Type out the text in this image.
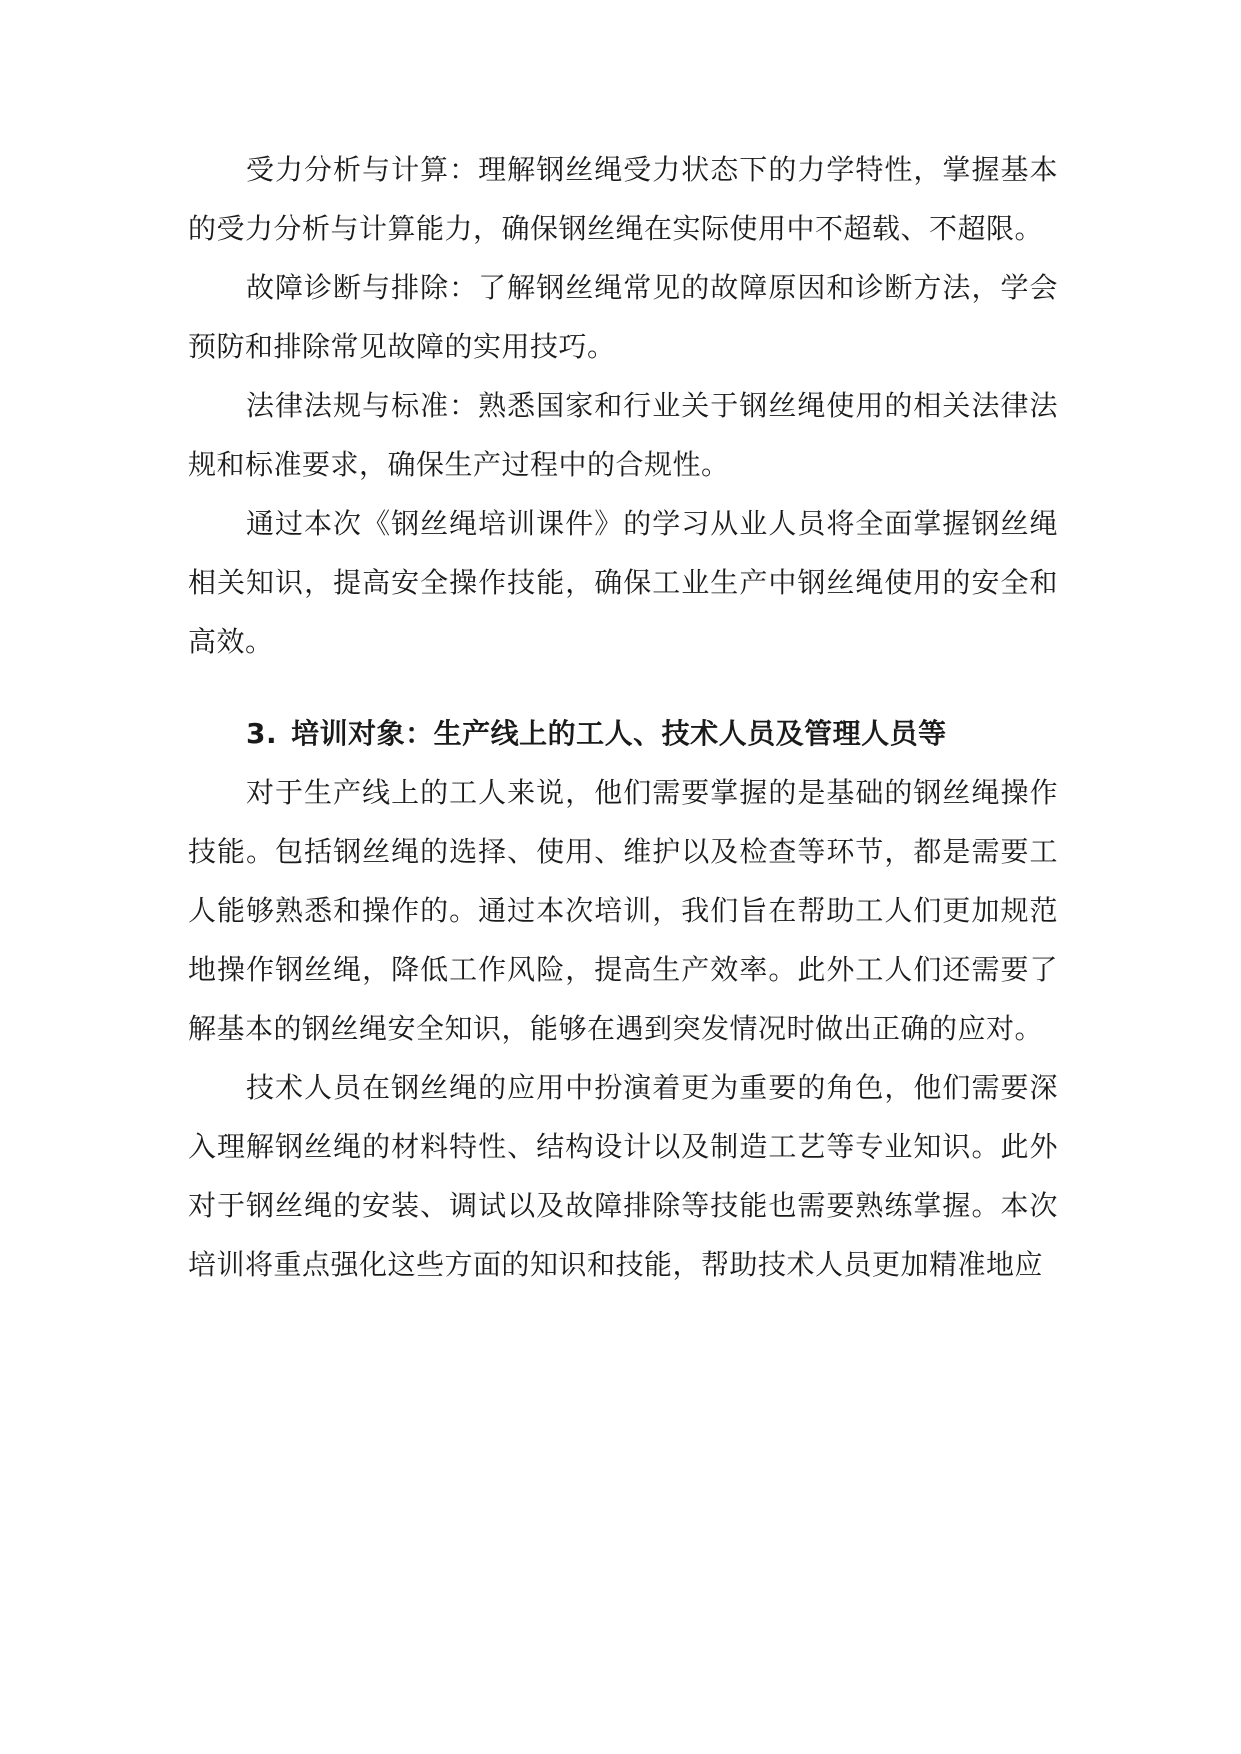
受力分析与计算：理解钢丝绳受力状态下的力学特性，掌握基本的受力分析与计算能力，确保钢丝绳在实际使用中不超载、不超限。

故障诊断与排除：了解钢丝绳常见的故障原因和诊断方法，学会预防和排除常见故障的实用技巧。

法律法规与标准：熟悉国家和行业关于钢丝绳使用的相关法律法规和标准要求，确保生产过程中的合规性。

通过本次《钢丝绳培训课件》的学习从业人员将全面掌握钢丝绳相关知识，提高安全操作技能，确保工业生产中钢丝绳使用的安全和高效。

3. 培训对象：生产线上的工人、技术人员及管理人员等

对于生产线上的工人来说，他们需要掌握的是基础的钢丝绳操作技能。包括钢丝绳的选择、使用、维护以及检查等环节，都是需要工人能够熟悉和操作的。通过本次培训，我们旨在帮助工人们更加规范地操作钢丝绳，降低工作风险，提高生产效率。此外工人们还需要了解基本的钢丝绳安全知识，能够在遇到突发情况时做出正确的应对。

技术人员在钢丝绳的应用中扮演着更为重要的角色，他们需要深入理解钢丝绳的材料特性、结构设计以及制造工艺等专业知识。此外对于钢丝绳的安装、调试以及故障排除等技能也需要熟练掌握。本次培训将重点强化这些方面的知识和技能，帮助技术人员更加精准地应
